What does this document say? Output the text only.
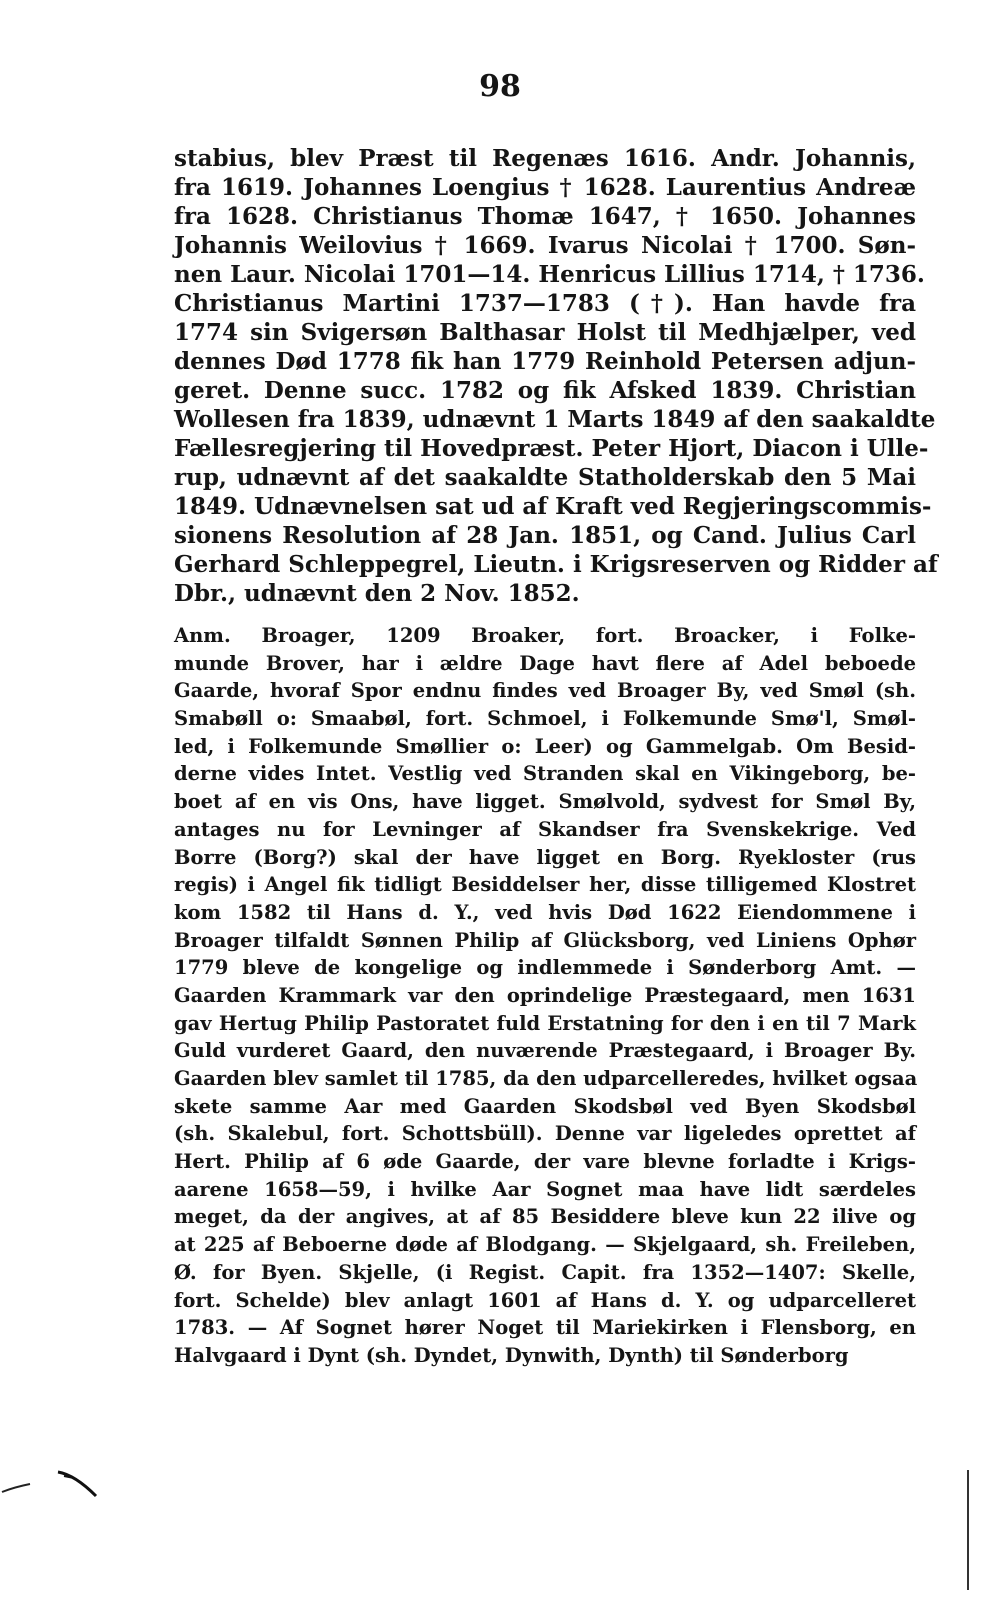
98
stabius, blev Præst til Regenæs 1616. Andr. Johannis,
fra 1619. Johannes Loengius † 1628. Laurentius Andreæ
fra 1628. Christianus Thomæ 1647, † 1650. Johannes
Johannis Weilovius † 1669. Ivarus Nicolai † 1700. Søn-
nen Laur. Nicolai 1701—14. Henricus Lillius 1714, † 1736.
Christianus Martini 1737—1783 (†). Han havde fra
1774 sin Svigersøn Balthasar Holst til Medhjælper, ved
dennes Død 1778 fik han 1779 Reinhold Petersen adjun-
geret. Denne succ. 1782 og fik Afsked 1839. Christian
Wollesen fra 1839, udnævnt 1 Marts 1849 af den saakaldte
Fællesregjering til Hovedpræst. Peter Hjort, Diacon i Ulle-
rup, udnævnt af det saakaldte Statholderskab den 5 Mai
1849. Udnævnelsen sat ud af Kraft ved Regjeringscommis-
sionens Resolution af 28 Jan. 1851, og Cand. Julius Carl
Gerhard Schleppegrel, Lieutn. i Krigsreserven og Ridder af
Dbr., udnævnt den 2 Nov. 1852.
Anm. Broager, 1209 Broaker, fort. Broacker, i Folke-
munde Brover, har i ældre Dage havt flere af Adel beboede
Gaarde, hvoraf Spor endnu findes ved Broager By, ved Smøl (sh.
Smabøll o: Smaabøl, fort. Schmoel, i Folkemunde Smø'l, Smøl-
led, i Folkemunde Smøllier o: Leer) og Gammelgab. Om Besid-
derne vides Intet. Vestlig ved Stranden skal en Vikingeborg, be-
boet af en vis Ons, have ligget. Smølvold, sydvest for Smøl By,
antages nu for Levninger af Skandser fra Svenskekrige. Ved
Borre (Borg?) skal der have ligget en Borg. Ryekloster (rus
regis) i Angel fik tidligt Besiddelser her, disse tilligemed Klostret
kom 1582 til Hans d. Y., ved hvis Død 1622 Eiendommene i
Broager tilfaldt Sønnen Philip af Glücksborg, ved Liniens Ophør
1779 bleve de kongelige og indlemmede i Sønderborg Amt. —
Gaarden Krammark var den oprindelige Præstegaard, men 1631
gav Hertug Philip Pastoratet fuld Erstatning for den i en til 7 Mark
Guld vurderet Gaard, den nuværende Præstegaard, i Broager By.
Gaarden blev samlet til 1785, da den udparcelleredes, hvilket ogsaa
skete samme Aar med Gaarden Skodsbøl ved Byen Skodsbøl
(sh. Skalebul, fort. Schottsbüll). Denne var ligeledes oprettet af
Hert. Philip af 6 øde Gaarde, der vare blevne forladte i Krigs-
aarene 1658—59, i hvilke Aar Sognet maa have lidt særdeles
meget, da der angives, at af 85 Besiddere bleve kun 22 ilive og
at 225 af Beboerne døde af Blodgang. — Skjelgaard, sh. Freileben,
Ø. for Byen. Skjelle, (i Regist. Capit. fra 1352—1407: Skelle,
fort. Schelde) blev anlagt 1601 af Hans d. Y. og udparcelleret
1783. — Af Sognet hører Noget til Mariekirken i Flensborg, en
Halvgaard i Dynt (sh. Dyndet, Dynwith, Dynth) til Sønderborg
